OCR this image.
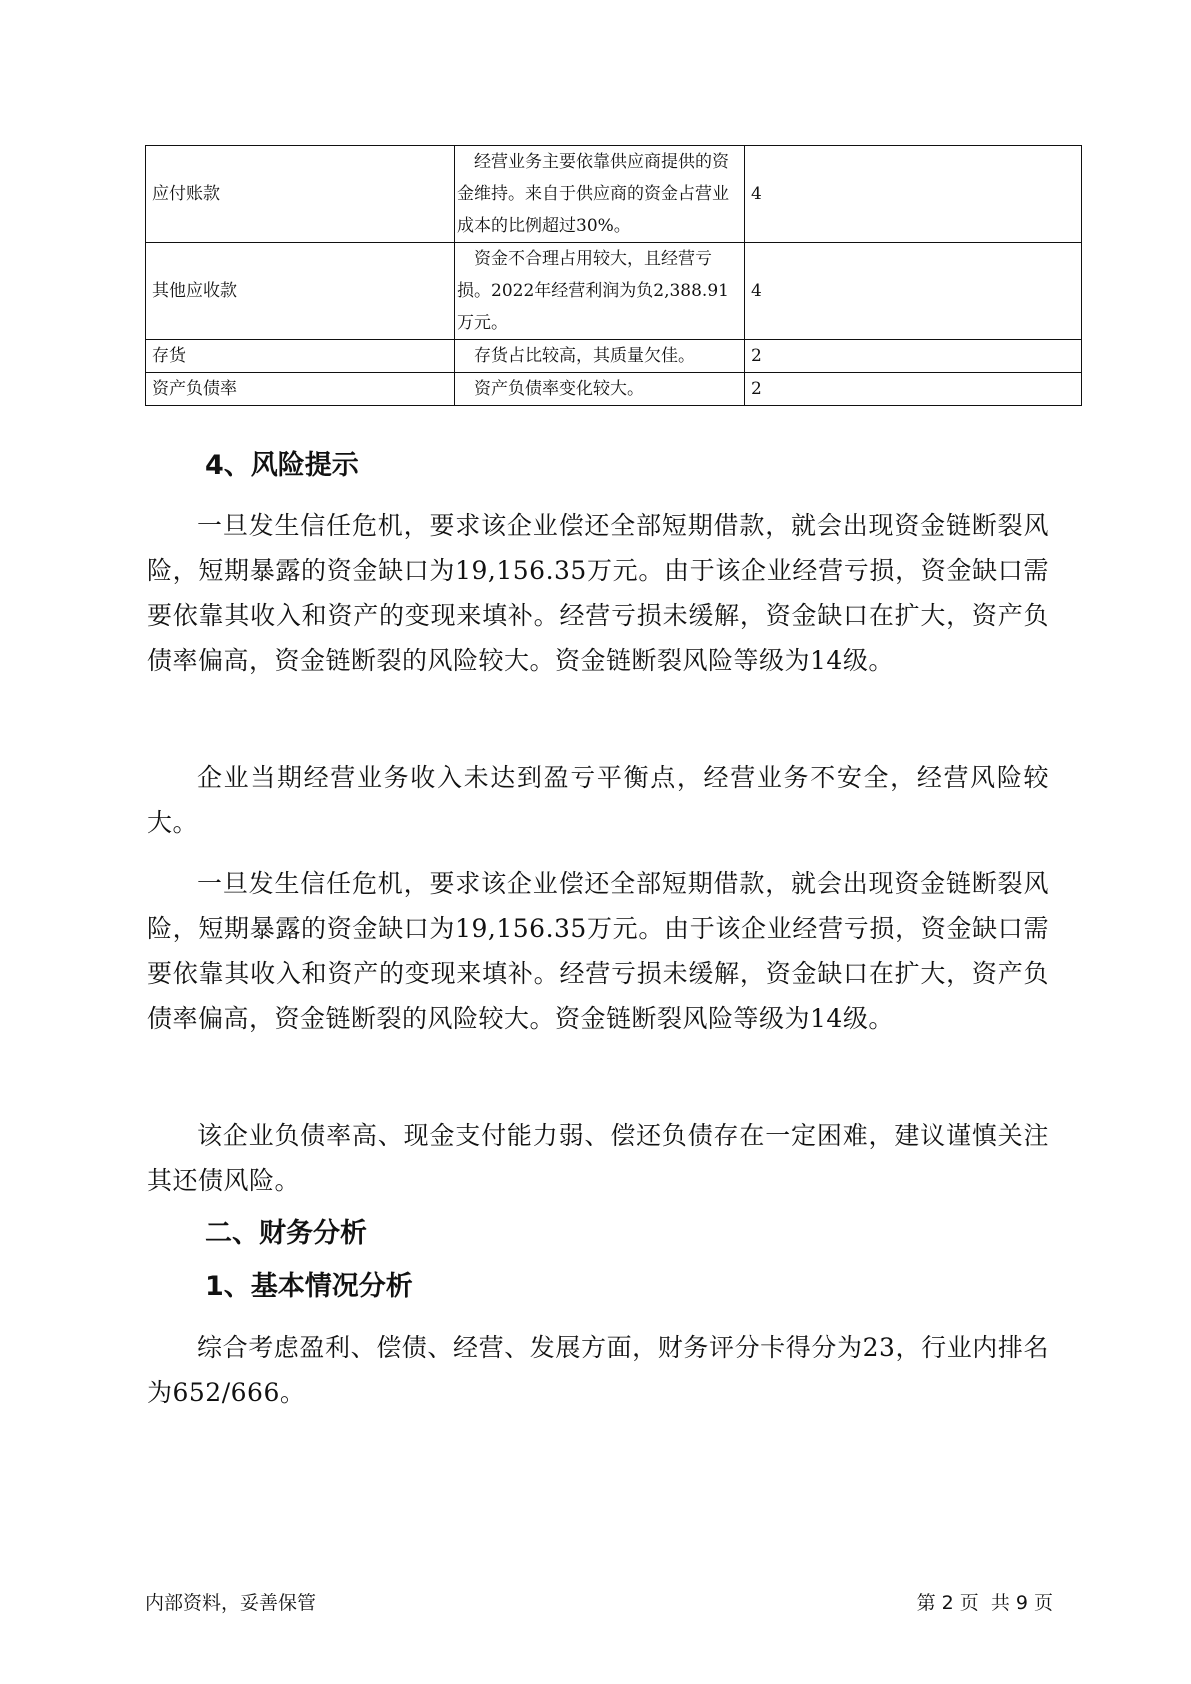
应付账款	经营业务主要依靠供应商提供的资金维持。来自于供应商的资金占营业成本的比例超过30%。	4
其他应收款	资金不合理占用较大，且经营亏损。2022年经营利润为负2,388.91万元。	4
存货	存货占比较高，其质量欠佳。	2
资产负债率	资产负债率变化较大。	2
4、风险提示

一旦发生信任危机，要求该企业偿还全部短期借款，就会出现资金链断裂风险，短期暴露的资金缺口为19,156.35万元。由于该企业经营亏损，资金缺口需要依靠其收入和资产的变现来填补。经营亏损未缓解，资金缺口在扩大，资产负债率偏高，资金链断裂的风险较大。资金链断裂风险等级为14级。

企业当期经营业务收入未达到盈亏平衡点，经营业务不安全，经营风险较大。

一旦发生信任危机，要求该企业偿还全部短期借款，就会出现资金链断裂风险，短期暴露的资金缺口为19,156.35万元。由于该企业经营亏损，资金缺口需要依靠其收入和资产的变现来填补。经营亏损未缓解，资金缺口在扩大，资产负债率偏高，资金链断裂的风险较大。资金链断裂风险等级为14级。

该企业负债率高、现金支付能力弱、偿还负债存在一定困难，建议谨慎关注其还债风险。

二、财务分析
1、基本情况分析

综合考虑盈利、偿债、经营、发展方面，财务评分卡得分为23，行业内排名为652/666。

内部资料，妥善保管	第 2 页  共 9 页
